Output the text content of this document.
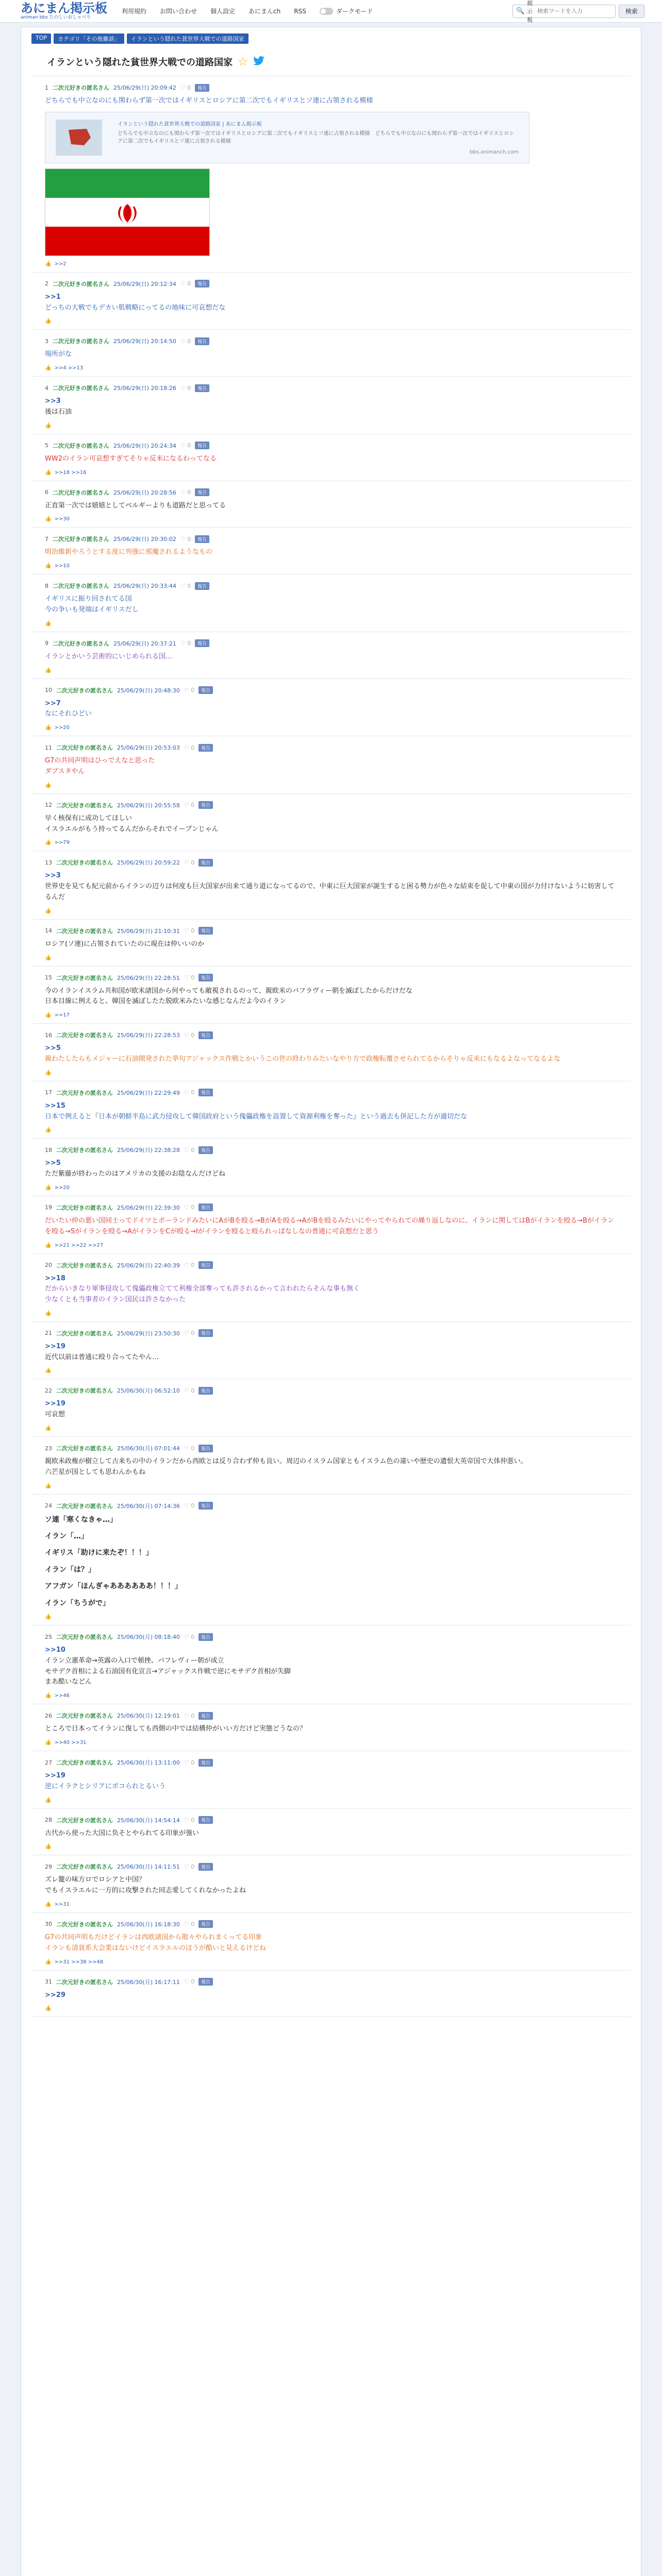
あにまん掲示板
animan bbs たのしいおしゃべり
利用規約 お問い合わせ 個人設定 あにまんch RSS	ダークモード	🔍
掲示板
検索ワードを入力
検索
TOP	カテゴリ「その他雑談」	イランという隠れた貧世界大戦での道路国家
イランという隠れた貧世界大戦での道路国家 ☆
1 二次元好きの匿名さん 25/06/29(日) 20:09:42 ♡ 0	報告
どちらでも中立なのにも関わらず第一次ではイギリスとロシアに第二次でもイギリスとソ連に占領される模様
イランという隠れた貧世界大戦での道路国家 | あにまん掲示板
どちらでも中立なのにも関わらず第一次ではイギリスとロシアに第二次でもイギリスとソ連に占領される模様　どちらでも中立なのにも関わらず第一次ではイギリスとロシアに第二次でもイギリスとソ連に占領される模様
bbs.animanch.com
👍 >>2
2 二次元好きの匿名さん 25/06/29(日) 20:12:34 ♡ 0	報告
>>1
どっちの大戦でもデカい肌戦略にってるの地味に可哀想だな
👍
3 二次元好きの匿名さん 25/06/29(日) 20:14:50 ♡ 0	報告
場所がな
👍 >>4 >>13
4 二次元好きの匿名さん 25/06/29(日) 20:18:26 ♡ 0	報告
>>3
後は石油
👍
5 二次元好きの匿名さん 25/06/29(日) 20:24:34 ♡ 0	報告
WW2のイラン可哀想すぎてそりゃ反米になるわってなる
👍 >>18 >>16
6 二次元好きの匿名さん 25/06/29(日) 20:28:56 ♡ 0	報告
正直第一次では嬉嬉としてベルギーよりも道路だと思ってる
👍 >>30
7 二次元好きの匿名さん 25/06/29(日) 20:30:02 ♡ 0	報告
明治維新やろうとする度に列強に邪魔されるようなもの
👍 >>10
8 二次元好きの匿名さん 25/06/29(日) 20:33:44 ♡ 0	報告
イギリスに振り回されてる国
今の争いも発端はイギリスだし
👍
9 二次元好きの匿名さん 25/06/29(日) 20:37:21 ♡ 0	報告
イランとかいう芸術的にいじめられる国…
👍
10 二次元好きの匿名さん 25/06/29(日) 20:48:30 ♡ 0	報告
>>7
なにそれひどい
👍 >>20
11 二次元好きの匿名さん 25/06/29(日) 20:53:03 ♡ 0	報告
G7の共同声明はひっでえなと思った
ダブスタやん
👍
12 二次元好きの匿名さん 25/06/29(日) 20:55:58 ♡ 0	報告
早く核保有に成功してほしい
イスラエルがもう持ってるんだからそれでイーブンじゃん
👍 >>79
13 二次元好きの匿名さん 25/06/29(日) 20:59:22 ♡ 0	報告
>>3
世界史を見ても紀元前からイランの辺りは何度も巨大国家が出来て通り道になってるので、中東に巨大国家が誕生すると困る勢力が色々な結束を促して中東の国が力付けないように妨害してるんだ
👍
14 二次元好きの匿名さん 25/06/29(日) 21:10:31 ♡ 0	報告
ロシア(ソ連)に占領されていたのに現在は仲いいのか
👍
15 二次元好きの匿名さん 25/06/29(日) 22:28:51 ♡ 0	報告
今のイランイスラム共和国が欧米諸国から何やっても敵視されるのって、親欧米のパフラヴィー朝を滅ぼしたからだけだな
日本目線に例えると、韓国を滅ぼしたた脱欧米みたいな感じなんだよ今のイラン
👍 >>17
16 二次元好きの匿名さん 25/06/29(日) 22:28:53 ♡ 0	報告
>>5
親わたしたらもメジャーに石油開発された挙句アジャックス作戦とかいうこの世の終わりみたいなやり方で政権転覆させられてるからそりゃ反米にもなるよなってなるよな
👍
17 二次元好きの匿名さん 25/06/29(日) 22:29:49 ♡ 0	報告
>>15
日本で例えると『日本が朝鮮半島に武力侵攻して韓国政府という傀儡政権を設置して資源利権を奪った』という過去も併記した方が適切だな
👍
18 二次元好きの匿名さん 25/06/29(日) 22:38:28 ♡ 0	報告
>>5
ただ紫藤が終わったのはアメリカの支援のお陰なんだけどね
👍 >>20
19 二次元好きの匿名さん 25/06/29(日) 22:39:30 ♡ 0	報告
だいたい仲の悪い国同士ってドイツとポーランドみたいにAがBを殴る→BがAを殴る→AがBを殴るみたいにやってやられての繰り返しなのに、イランに関してはBがイランを殴る→Bがイランを殴る→Sがイランを殴る→AがイランをCが殴る→Iがイランを殴ると殴られっぱなしなの普通に可哀想だと思う
👍 >>21 >>22 >>27
20 二次元好きの匿名さん 25/06/29(日) 22:40:39 ♡ 0	報告
>>18
だからいきなり軍事侵攻して傀儡政権立てて利権全部奪っても許されるかって言われたらそんな事も無く
少なくとも当事者のイラン国民は許さなかった
👍
21 二次元好きの匿名さん 25/06/29(日) 23:50:30 ♡ 0	報告
>>19
近代以前は普通に殴り合ってたやん…
👍
22 二次元好きの匿名さん 25/06/30(月) 06:52:10 ♡ 0	報告
>>19
可哀想
👍
23 二次元好きの匿名さん 25/06/30(月) 07:01:44 ♡ 0	報告
親欧米政権が樹立して古来ちの中のイランだから西欧とは反り合わず仲も良い。周辺のイスラム国家ともイスラム色の違いや歴史の遺恨大英帝国で大体仲悪い。
六芒星が国としても思わんかもね
👍
24 二次元好きの匿名さん 25/06/30(月) 07:14:36 ♡ 0	報告
ソ連「寒くなきゃ…」
イラン「…」
イギリス「助けに来たぞ！！！」
イラン「は？」
アフガン「ほんぎゃああああああ！！！」
イラン「ちうがで」
👍
25 二次元好きの匿名さん 25/06/30(月) 08:18:40 ♡ 0	報告
>>10
イラン立憲革命→英露の入口で頓挫、パフレヴィー朝が成立
モサデク首相による石油国有化宣言→アジャックス作戦で逆にモサデク首相が失脚
まあ酷いなどん
👍 >>46
26 二次元好きの匿名さん 25/06/30(月) 12:19:01 ♡ 0	報告
ところで日本ってイランに復しても西側の中では結構仲がいい方だけど実態どうなの？
👍 >>40 >>31
27 二次元好きの匿名さん 25/06/30(月) 13:11:00 ♡ 0	報告
>>19
逆にイラクとシリアにボコられとるいう
👍
28 二次元好きの匿名さん 25/06/30(月) 14:54:14 ♡ 0	報告
古代から使った大国に负そとやられてる印象が強い
👍
29 二次元好きの匿名さん 25/06/30(月) 14:11:51 ♡ 0	報告
ズレ籠の味方ロでロシアと中国？
でもイスラエルに一方的に攻撃された同志愛してくれなかったよね
👍 >>31
30 二次元好きの匿名さん 25/06/30(月) 16:18:30 ♡ 0	報告
G7の共同声明もだけどイランは西欧諸国から散々やられまくってる印象
イランも清貧系大会業はないけどイスラエルのほうが酷いと見えるけどね
👍 >>31 >>38 >>48
31 二次元好きの匿名さん 25/06/30(月) 16:17:11 ♡ 0	報告
>>29
👍
